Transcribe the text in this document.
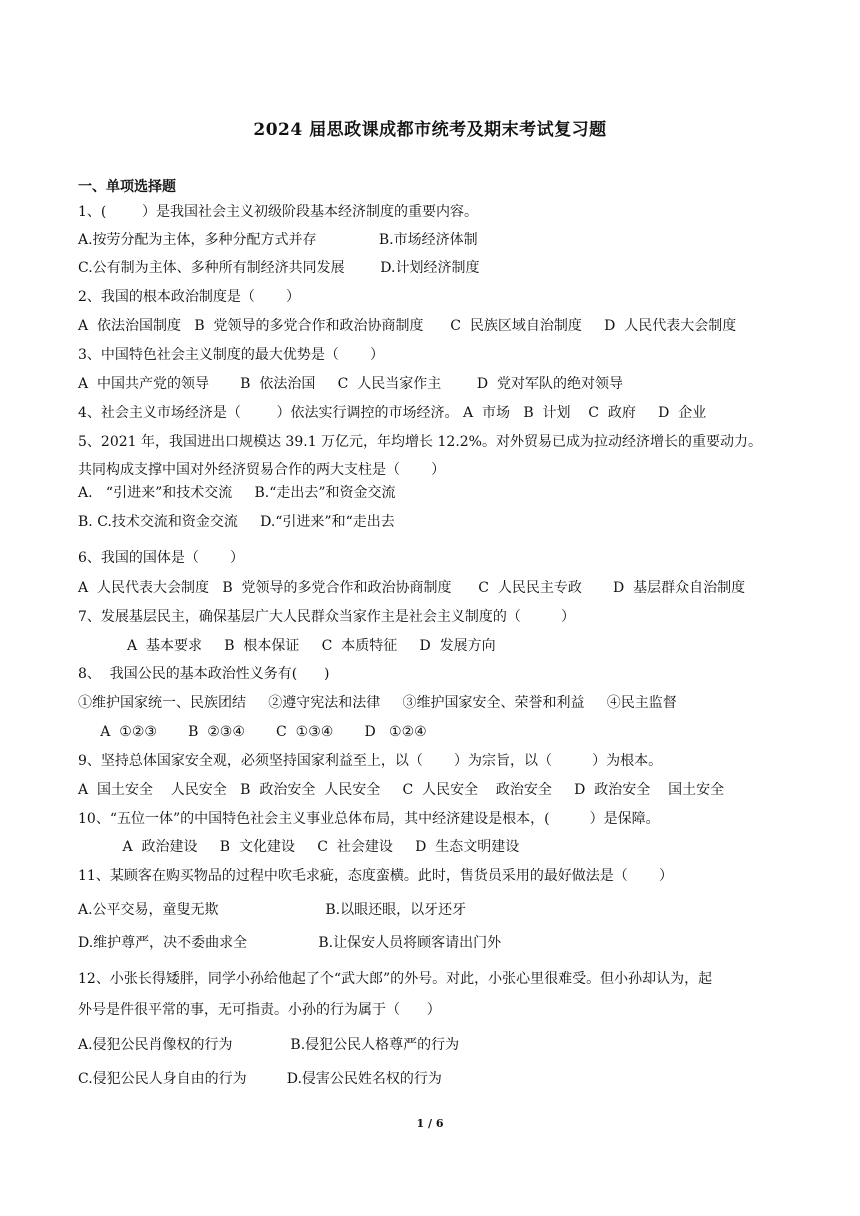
2024 届思政课成都市统考及期末考试复习题
一、单项选择题
1、(        ）是我国社会主义初级阶段基本经济制度的重要内容。
A.按劳分配为主体，多种分配方式并存              B.市场经济体制
C.公有制为主体、多种所有制经济共同发展        D.计划经济制度
2、我国的根本政治制度是（       ）
A  依法治国制度   B  党领导的多党合作和政治协商制度      C  民族区域自治制度     D  人民代表大会制度
3、中国特色社会主义制度的最大优势是（       ）
A  中国共产党的领导       B  依法治国     C  人民当家作主        D  党对军队的绝对领导
4、社会主义市场经济是（        ）依法实行调控的市场经济。 A  市场   B  计划    C  政府     D  企业
5、2021 年，我国进出口规模达 39.1 万亿元，年均增长 12.2%。对外贸易已成为拉动经济增长的重要动力。
共同构成支撑中国对外经济贸易合作的两大支柱是（       ）
A.   “引进来”和技术交流     B.“走出去”和资金交流
B. C.技术交流和资金交流     D.“引进来”和“走出去
6、我国的国体是（       ）
A  人民代表大会制度   B  党领导的多党合作和政治协商制度      C  人民民主专政       D  基层群众自治制度
7、发展基层民主，确保基层广大人民群众当家作主是社会主义制度的（         ）
A  基本要求     B  根本保证     C  本质特征     D  发展方向
8、  我国公民的基本政治性义务有(      )
①维护国家统一、民族团结     ②遵守宪法和法律     ③维护国家安全、荣誉和利益     ④民主监督
A  ①②③       B  ②③④       C  ①③④       D   ①②④
9、坚持总体国家安全观，必须坚持国家利益至上，以（       ）为宗旨，以（         ）为根本。
A  国土安全    人民安全   B  政治安全  人民安全     C  人民安全    政治安全     D  政治安全    国土安全
10、“五位一体”的中国特色社会主义事业总体布局，其中经济建设是根本，(         ）是保障。
A  政治建设     B  文化建设     C  社会建设     D  生态文明建设
11、某顾客在购买物品的过程中吹毛求疵，态度蛮横。此时，售货员采用的最好做法是（       ）
A.公平交易，童叟无欺                        B.以眼还眼，以牙还牙
D.维护尊严，决不委曲求全                B.让保安人员将顾客请出门外
12、小张长得矮胖，同学小孙给他起了个“武大郎”的外号。对此，小张心里很难受。但小孙却认为，起
外号是件很平常的事，无可指责。小孙的行为属于（      ）
A.侵犯公民肖像权的行为             B.侵犯公民人格尊严的行为
C.侵犯公民人身自由的行为         D.侵害公民姓名权的行为
1 / 6
